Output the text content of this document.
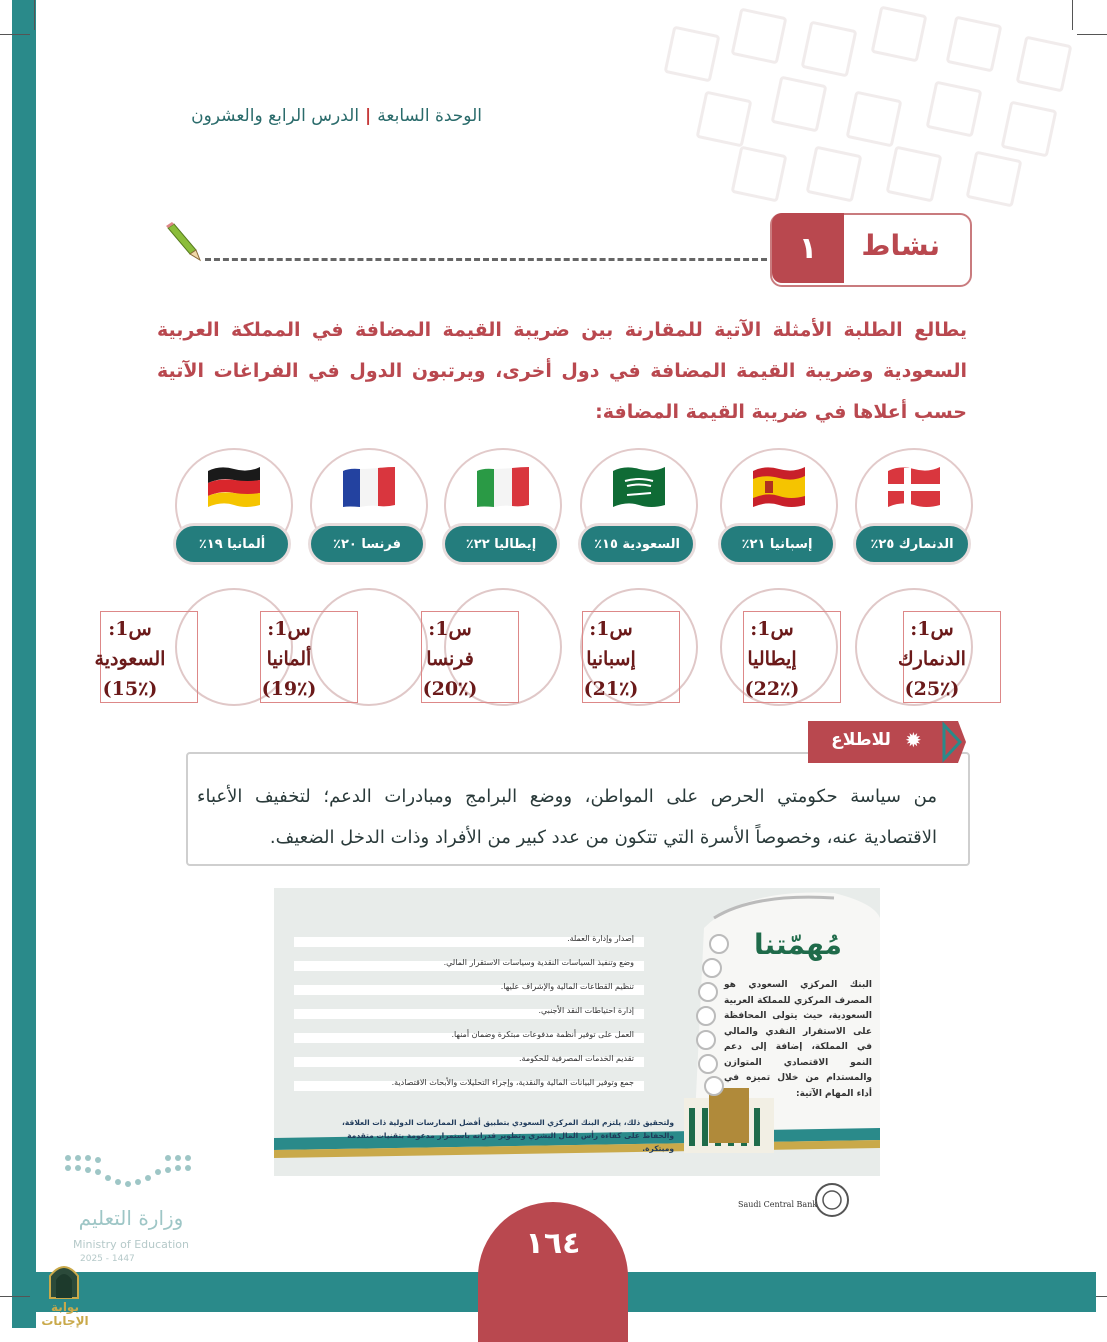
الوحدة السابعة|الدرس الرابع والعشرون
١	نشاط
يطالع الطلبة الأمثلة الآتية للمقارنة بين ضريبة القيمة المضافة في المملكة العربية السعودية وضريبة القيمة المضافة في دول أخرى، ويرتبون الدول في الفراغات الآتية حسب أعلاها في ضريبة القيمة المضافة:
الدنمارك ٢٥٪
إسبانيا ٢١٪
السعودية ١٥٪
إيطاليا ٢٢٪
فرنسا ٢٠٪
ألمانيا ١٩٪
س1:
الدنمارك
(25٪)
س1:
إيطاليا
(22٪)
س1:
إسبانيا
(21٪)
س1:
فرنسا
(20٪)
س1:
ألمانيا
(19٪)
س1:
السعودية
(15٪)
للاطلاع ✹
من سياسة حكومتي الحرص على المواطن، ووضع البرامج ومبادرات الدعم؛ لتخفيف الأعباء الاقتصادية عنه، وخصوصاً الأسرة التي تتكون من عدد كبير من الأفراد وذات الدخل الضعيف.
مُهمّتنا
البنك المركزي السعودي هو المصرف المركزي للمملكة العربية السعودية، حيث يتولى المحافظة على الاستقرار النقدي والمالي في المملكة، إضافة إلى دعم النمو الاقتصادي المتوازن والمستدام من خلال تميزه في أداء المهام الآتية:
إصدار وإدارة العملة.
وضع وتنفيذ السياسات النقدية وسياسات الاستقرار المالي.
تنظيم القطاعات المالية والإشراف عليها.
إدارة احتياطات النقد الأجنبي.
العمل على توفير أنظمة مدفوعات مبتكرة وضمان أمنها.
تقديم الخدمات المصرفية للحكومة.
جمع وتوفير البيانات المالية والنقدية، وإجراء التحليلات والأبحاث الاقتصادية.
ولتحقيق ذلك، يلتزم البنك المركزي السعودي بتطبيق أفضل الممارسات الدولية ذات العلاقة، والحفاظ على كفاءة رأس المال البشري وتطوير قدراته باستمرار مدعومة بتقنيات متقدمة ومبتكرة.
Saudi Central Bank
وزارة التعليم
Ministry of Education
2025 - 1447	١٦٤
بوابة الإجابات
